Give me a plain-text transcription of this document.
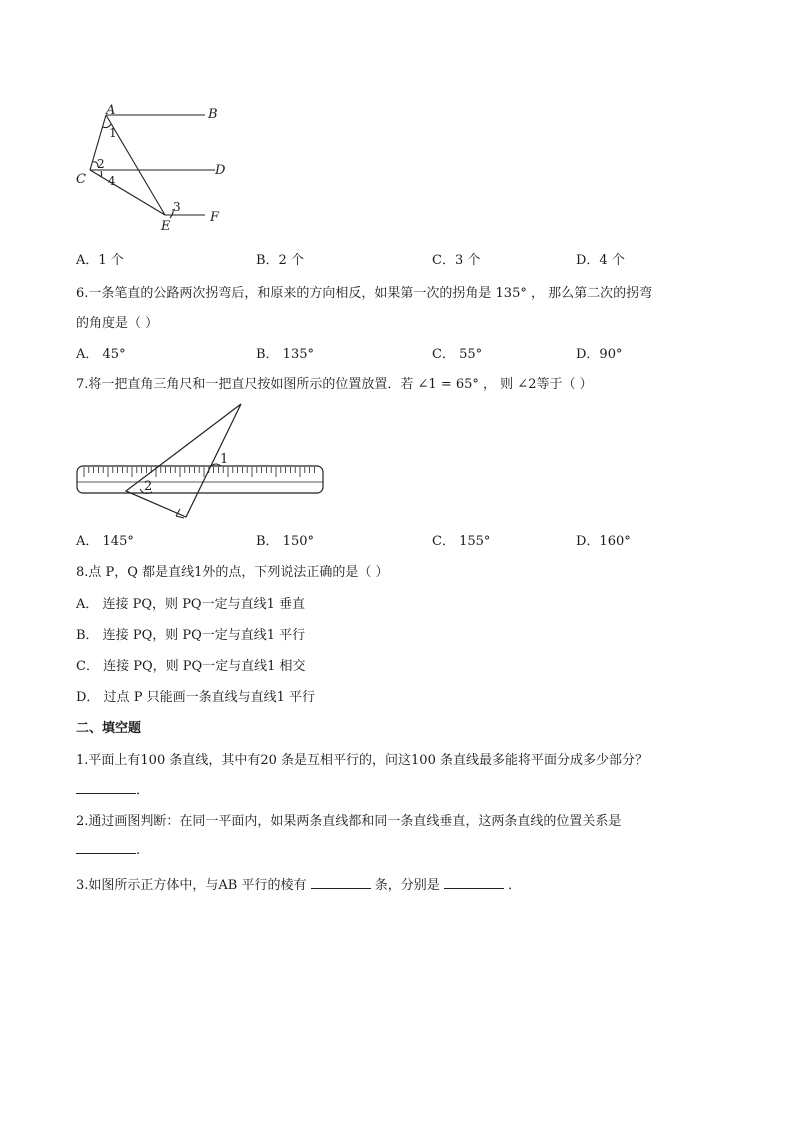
A	B
C
D
E
F
1
2
3
4
A．1 个	B．2 个	C．3 个	D．4 个
6.一条笔直的公路两次拐弯后，和原来的方向相反，如果第一次的拐角是 135° ， 那么第二次的拐弯
的角度是（ ）
A． 45°	B． 135°	C． 55°	D．90°
7.将一把直角三角尺和一把直尺按如图所示的位置放置．若 ∠1 = 65° ， 则 ∠2等于（ ）
1
2
A． 145°	B． 150°	C． 155°	D．160°
8.点 P，Q 都是直线1外的点，下列说法正确的是（ ）
A． 连接 PQ，则 PQ一定与直线1 垂直
B． 连接 PQ，则 PQ一定与直线1 平行
C． 连接 PQ，则 PQ一定与直线1 相交
D． 过点 P 只能画一条直线与直线1 平行
二、填空题
1.平面上有100 条直线，其中有20 条是互相平行的，问这100 条直线最多能将平面分成多少部分？
．
2.通过画图判断：在同一平面内，如果两条直线都和同一条直线垂直，这两条直线的位置关系是
.
3.如图所示正方体中，与AB 平行的棱有	条，分别是	．
